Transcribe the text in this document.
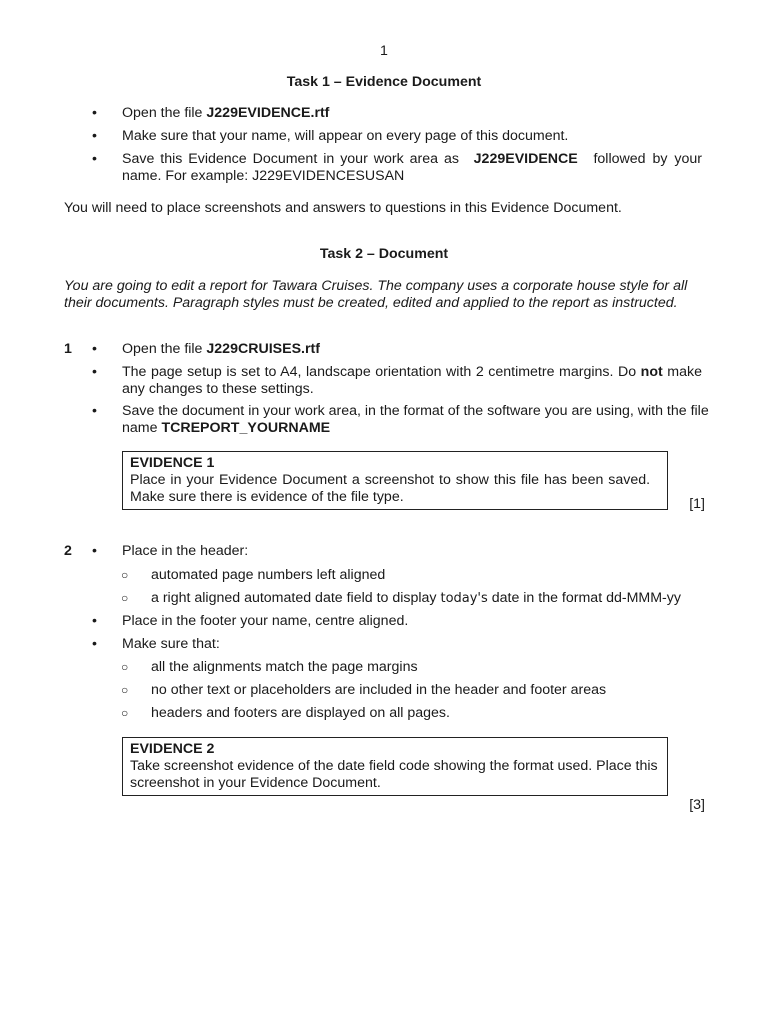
1
Task 1 – Evidence Document
•	Open the file J229EVIDENCE.rtf
•	Make sure that your name, will appear on every page of this document.
•	Save this Evidence Document in your work area as J229EVIDENCE followed by your
name. For example: J229EVIDENCESUSAN
You will need to place screenshots and answers to questions in this Evidence Document.
Task 2 – Document
You are going to edit a report for Tawara Cruises. The company uses a corporate house style for all
their documents. Paragraph styles must be created, edited and applied to the report as instructed.
1 •	Open the file J229CRUISES.rtf
•	The page setup is set to A4, landscape orientation with 2 centimetre margins. Do not make
any changes to these settings.
•	Save the document in your work area, in the format of the software you are using, with the file
name TCREPORT_YOURNAME
EVIDENCE 1
Place in your Evidence Document a screenshot to show this file has been saved.
Make sure there is evidence of the file type.	[1]
2 •	Place in the header:
○ automated page numbers left aligned
○ a right aligned automated date field to display today's date in the format dd-MMM-yy
•	Place in the footer your name, centre aligned.
•	Make sure that:
○ all the alignments match the page margins
○ no other text or placeholders are included in the header and footer areas
○ headers and footers are displayed on all pages.
EVIDENCE 2
Take screenshot evidence of the date field code showing the format used. Place this
screenshot in your Evidence Document.
[3]
